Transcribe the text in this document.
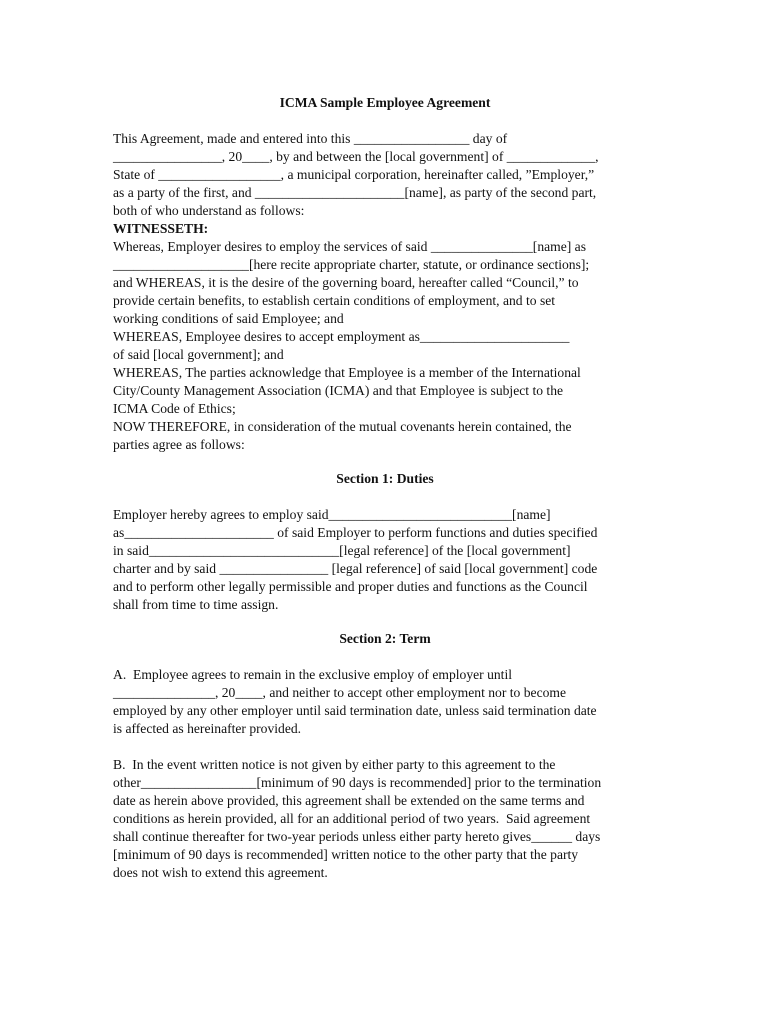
ICMA Sample Employee Agreement

This Agreement, made and entered into this _________________ day of

________________, 20____, by and between the [local government] of _____________,

State of __________________, a municipal corporation, hereinafter called, ”Employer,”

as a party of the first, and ______________________[name], as party of the second part,

both of who understand as follows:

WITNESSETH:

Whereas, Employer desires to employ the services of said _______________[name] as

____________________[here recite appropriate charter, statute, or ordinance sections];

and WHEREAS, it is the desire of the governing board, hereafter called “Council,” to

provide certain benefits, to establish certain conditions of employment, and to set

working conditions of said Employee; and

WHEREAS, Employee desires to accept employment as______________________

of said [local government]; and

WHEREAS, The parties acknowledge that Employee is a member of the International

City/County Management Association (ICMA) and that Employee is subject to the

ICMA Code of Ethics;

NOW THEREFORE, in consideration of the mutual covenants herein contained, the

parties agree as follows:

Section 1: Duties

Employer hereby agrees to employ said___________________________[name]

as______________________ of said Employer to perform functions and duties specified

in said____________________________[legal reference] of the [local government]

charter and by said ________________ [legal reference] of said [local government] code

and to perform other legally permissible and proper duties and functions as the Council

shall from time to time assign.

Section 2: Term

A.  Employee agrees to remain in the exclusive employ of employer until

_______________, 20____, and neither to accept other employment nor to become

employed by any other employer until said termination date, unless said termination date

is affected as hereinafter provided.

B.  In the event written notice is not given by either party to this agreement to the

other_________________[minimum of 90 days is recommended] prior to the termination

date as herein above provided, this agreement shall be extended on the same terms and

conditions as herein provided, all for an additional period of two years.  Said agreement

shall continue thereafter for two-year periods unless either party hereto gives______ days

[minimum of 90 days is recommended] written notice to the other party that the party

does not wish to extend this agreement.
